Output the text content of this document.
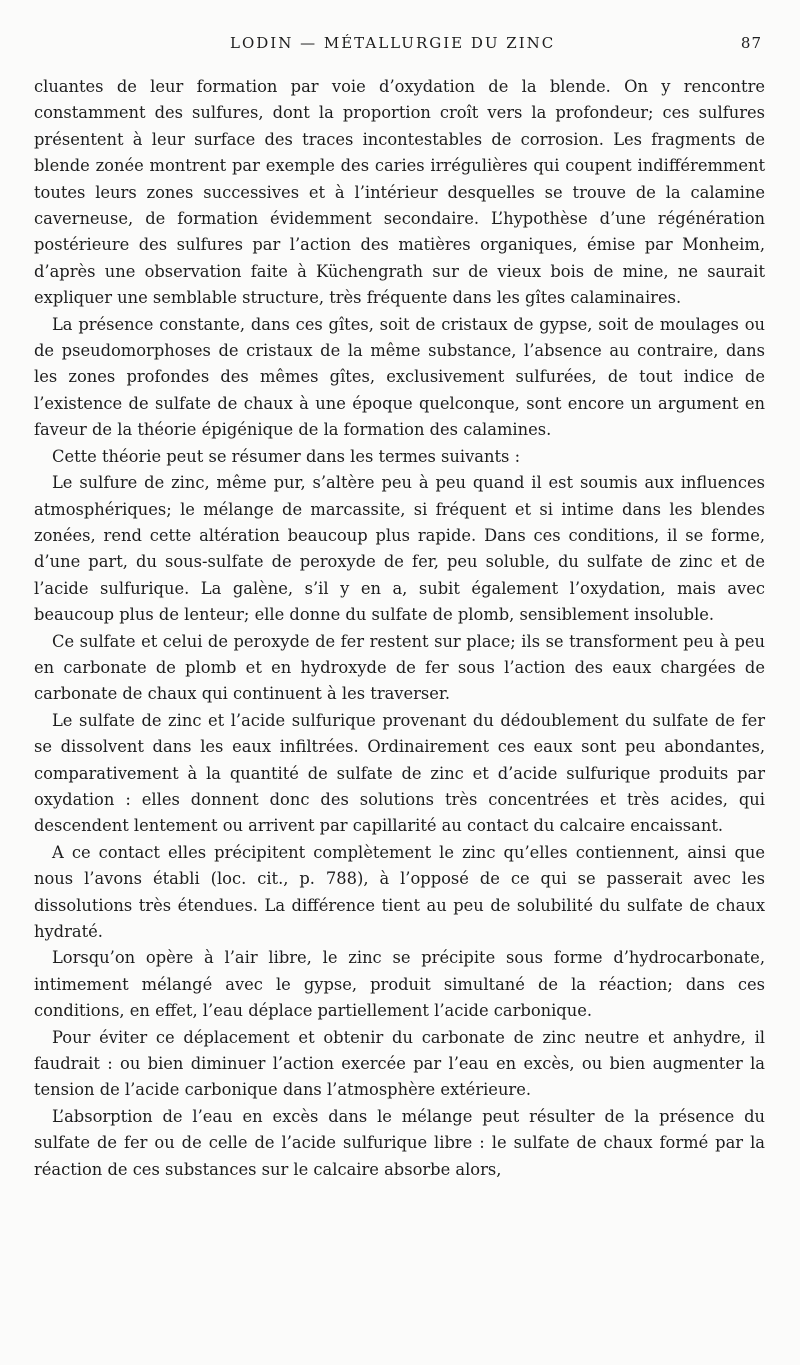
LODIN — MÉTALLURGIE DU ZINC	87

cluantes de leur formation par voie d’oxydation de la blende. On y rencontre constamment des sulfures, dont la proportion croît vers la profondeur; ces sulfures présentent à leur surface des traces incontestables de corrosion. Les fragments de blende zonée montrent par exemple des caries irrégulières qui coupent indifféremment toutes leurs zones successives et à l’intérieur desquelles se trouve de la calamine caverneuse, de formation évidemment secondaire. L’hypothèse d’une régénération postérieure des sulfures par l’action des matières organiques, émise par Monheim, d’après une observation faite à Küchengrath sur de vieux bois de mine, ne saurait expliquer une semblable structure, très fréquente dans les gîtes calaminaires.

La présence constante, dans ces gîtes, soit de cristaux de gypse, soit de moulages ou de pseudomorphoses de cristaux de la même substance, l’absence au contraire, dans les zones profondes des mêmes gîtes, exclusivement sulfurées, de tout indice de l’existence de sulfate de chaux à une époque quelconque, sont encore un argument en faveur de la théorie épigénique de la formation des calamines.

Cette théorie peut se résumer dans les termes suivants :

Le sulfure de zinc, même pur, s’altère peu à peu quand il est soumis aux influences atmosphériques; le mélange de marcassite, si fréquent et si intime dans les blendes zonées, rend cette altération beaucoup plus rapide. Dans ces conditions, il se forme, d’une part, du sous-sulfate de peroxyde de fer, peu soluble, du sulfate de zinc et de l’acide sulfurique. La galène, s’il y en a, subit également l’oxydation, mais avec beaucoup plus de lenteur; elle donne du sulfate de plomb, sensiblement insoluble.

Ce sulfate et celui de peroxyde de fer restent sur place; ils se transforment peu à peu en carbonate de plomb et en hydroxyde de fer sous l’action des eaux chargées de carbonate de chaux qui continuent à les traverser.

Le sulfate de zinc et l’acide sulfurique provenant du dédoublement du sulfate de fer se dissolvent dans les eaux infiltrées. Ordinairement ces eaux sont peu abondantes, comparativement à la quantité de sulfate de zinc et d’acide sulfurique produits par oxydation : elles donnent donc des solutions très concentrées et très acides, qui descendent lentement ou arrivent par capillarité au contact du calcaire encaissant.

A ce contact elles précipitent complètement le zinc qu’elles contiennent, ainsi que nous l’avons établi (loc. cit., p. 788), à l’opposé de ce qui se passerait avec les dissolutions très étendues. La différence tient au peu de solubilité du sulfate de chaux hydraté.

Lorsqu’on opère à l’air libre, le zinc se précipite sous forme d’hydrocarbonate, intimement mélangé avec le gypse, produit simultané de la réaction; dans ces conditions, en effet, l’eau déplace partiellement l’acide carbonique.

Pour éviter ce déplacement et obtenir du carbonate de zinc neutre et anhydre, il faudrait : ou bien diminuer l’action exercée par l’eau en excès, ou bien augmenter la tension de l’acide carbonique dans l’atmosphère extérieure.

L’absorption de l’eau en excès dans le mélange peut résulter de la présence du sulfate de fer ou de celle de l’acide sulfurique libre : le sulfate de chaux formé par la réaction de ces substances sur le calcaire absorbe alors,
